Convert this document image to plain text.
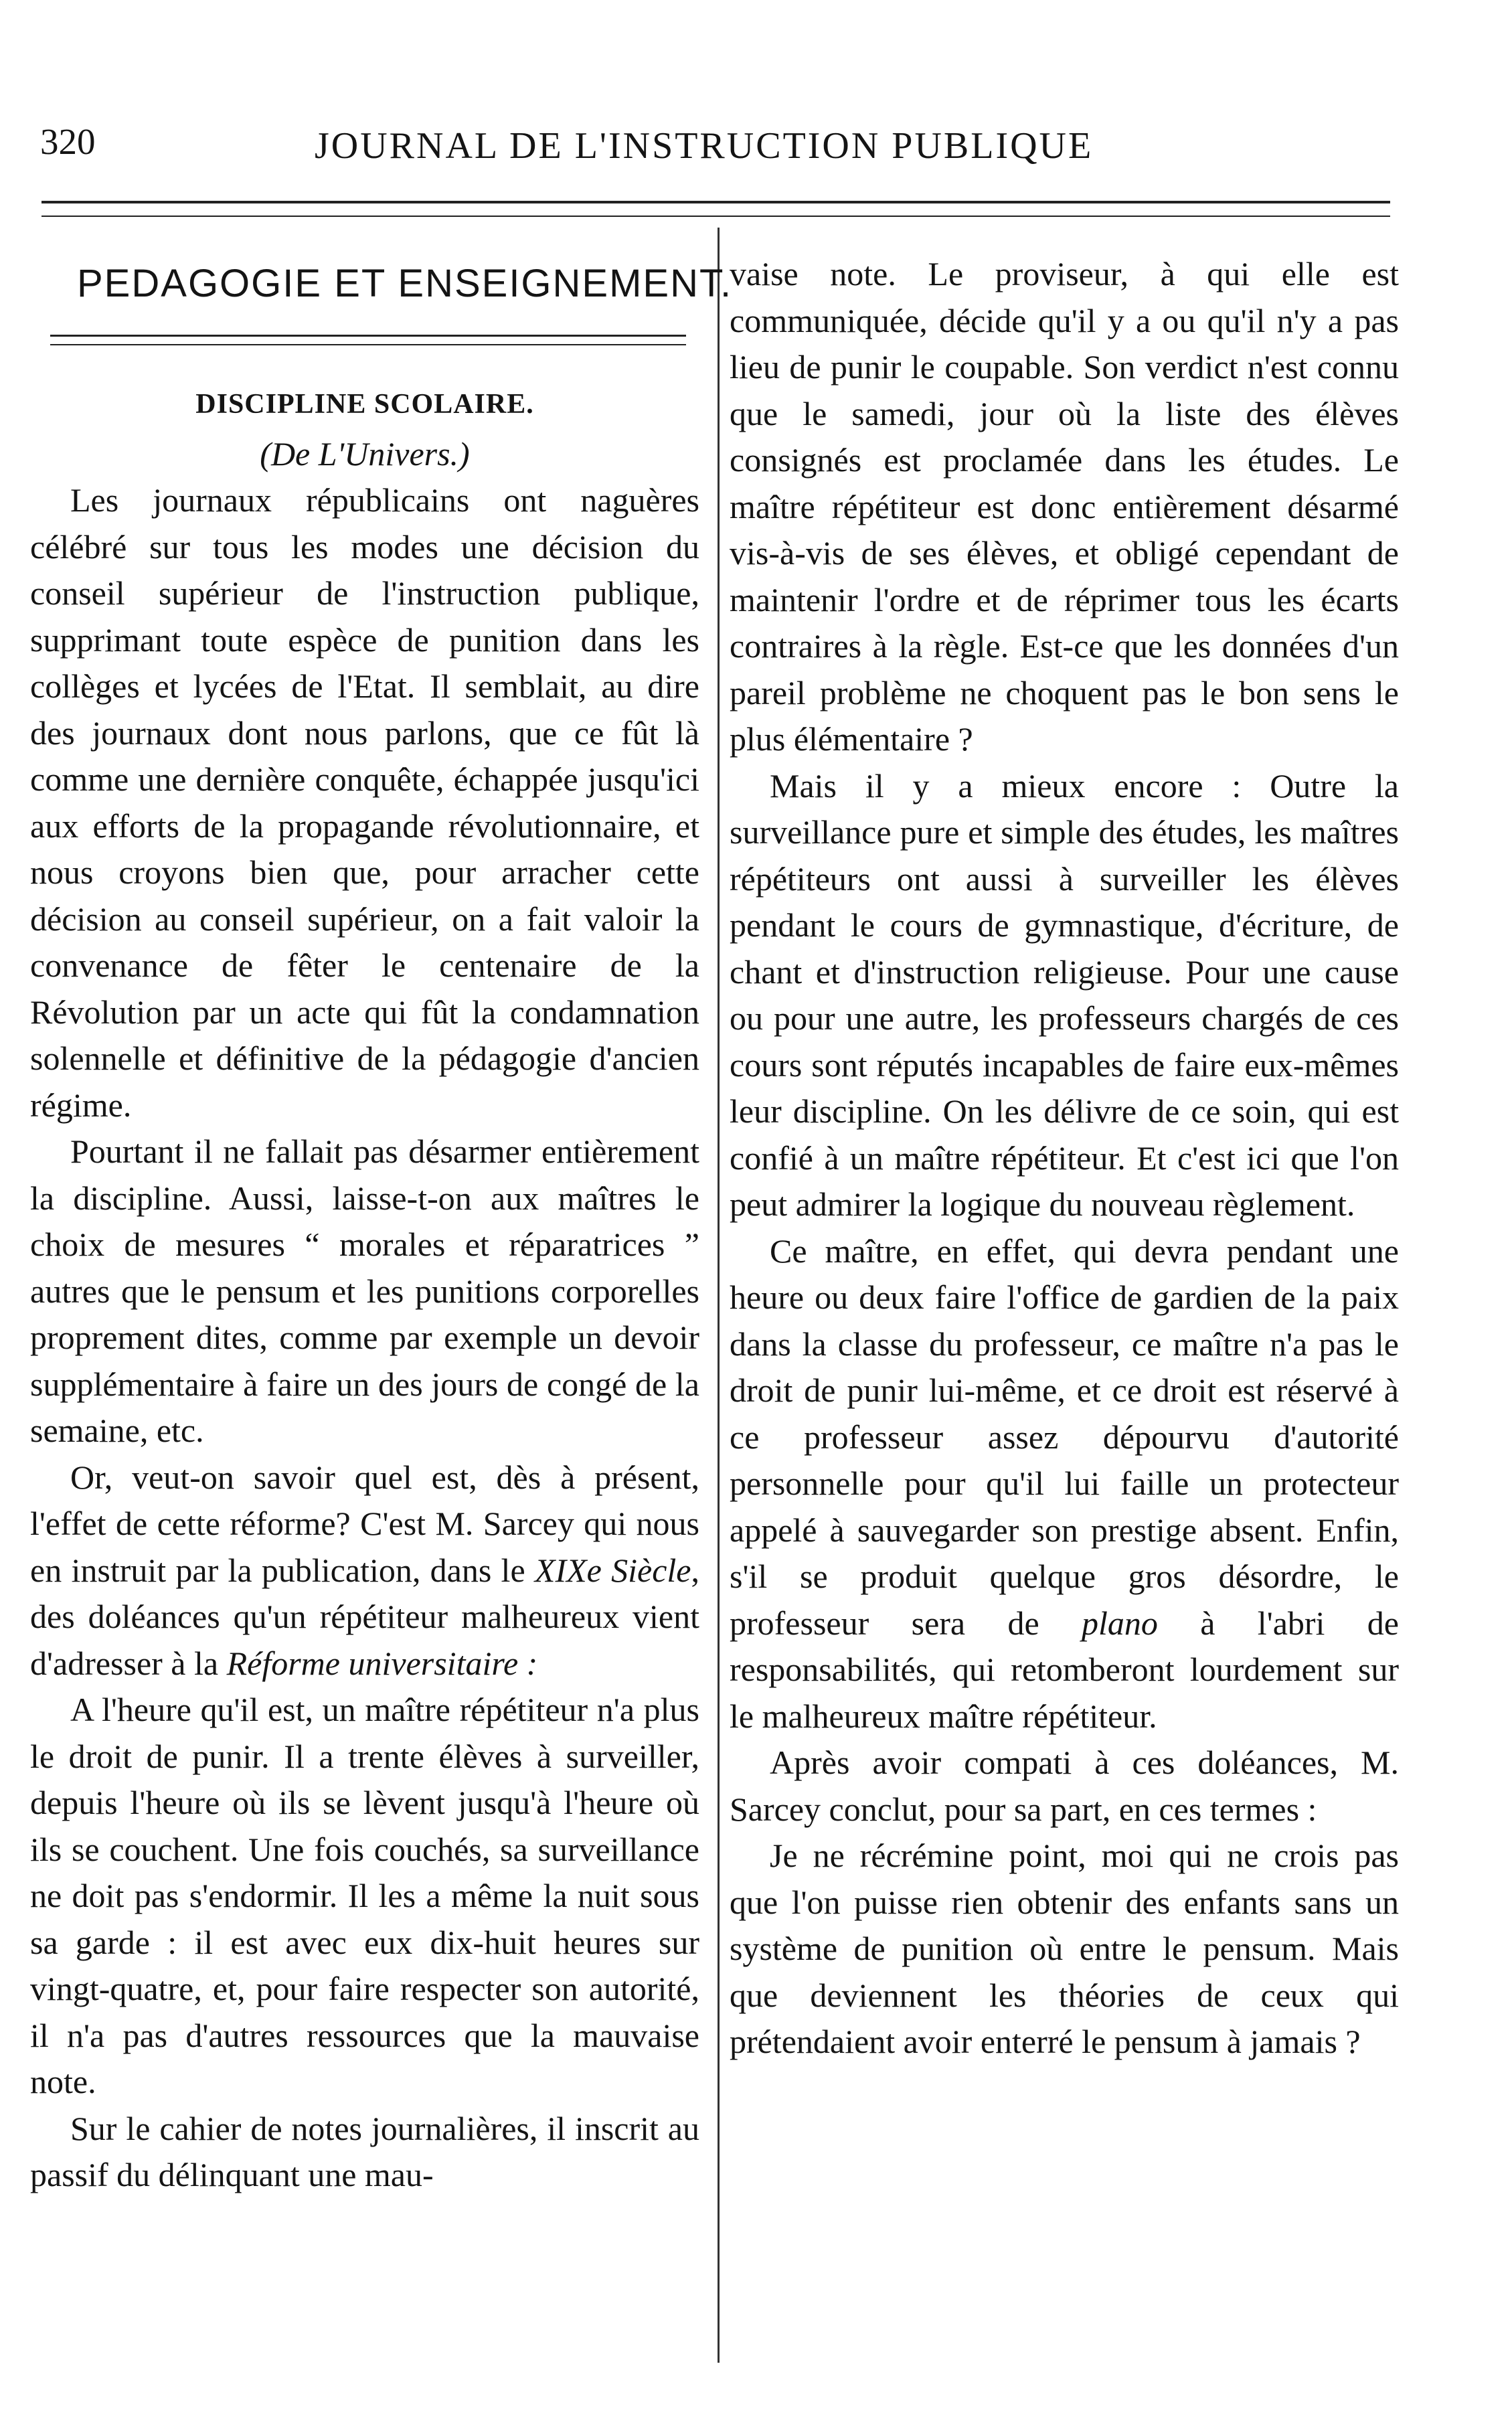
320	JOURNAL DE L'INSTRUCTION PUBLIQUE
PEDAGOGIE ET ENSEIGNEMENT.

DISCIPLINE SCOLAIRE.

(De L'Univers.)

Les journaux républicains ont naguères célébré sur tous les modes une décision du conseil supérieur de l'instruction publique, supprimant toute espèce de punition dans les collèges et lycées de l'Etat. Il semblait, au dire des journaux dont nous parlons, que ce fût là comme une dernière conquête, échappée jusqu'ici aux efforts de la propagande révolutionnaire, et nous croyons bien que, pour arracher cette décision au conseil supérieur, on a fait valoir la convenance de fêter le centenaire de la Révolution par un acte qui fût la condamnation solennelle et définitive de la pédagogie d'ancien régime.

Pourtant il ne fallait pas désarmer entièrement la discipline. Aussi, laisse-t-on aux maîtres le choix de mesures “ morales et réparatrices ” autres que le pensum et les punitions corporelles proprement dites, comme par exemple un devoir supplémentaire à faire un des jours de congé de la semaine, etc.

Or, veut-on savoir quel est, dès à présent, l'effet de cette réforme? C'est M. Sarcey qui nous en instruit par la publication, dans le XIXe Siècle, des doléances qu'un répétiteur malheureux vient d'adresser à la Réforme universitaire :

A l'heure qu'il est, un maître répétiteur n'a plus le droit de punir. Il a trente élèves à surveiller, depuis l'heure où ils se lèvent jusqu'à l'heure où ils se couchent. Une fois couchés, sa surveillance ne doit pas s'endormir. Il les a même la nuit sous sa garde : il est avec eux dix-huit heures sur vingt-quatre, et, pour faire respecter son autorité, il n'a pas d'autres ressources que la mauvaise note.

Sur le cahier de notes journalières, il inscrit au passif du délinquant une mau-

vaise note. Le proviseur, à qui elle est communiquée, décide qu'il y a ou qu'il n'y a pas lieu de punir le coupable. Son verdict n'est connu que le samedi, jour où la liste des élèves consignés est proclamée dans les études. Le maître répétiteur est donc entièrement désarmé vis-à-vis de ses élèves, et obligé cependant de maintenir l'ordre et de réprimer tous les écarts contraires à la règle. Est-ce que les données d'un pareil problème ne choquent pas le bon sens le plus élémentaire ?

Mais il y a mieux encore : Outre la surveillance pure et simple des études, les maîtres répétiteurs ont aussi à surveiller les élèves pendant le cours de gymnastique, d'écriture, de chant et d'instruction religieuse. Pour une cause ou pour une autre, les professeurs chargés de ces cours sont réputés incapables de faire eux-mêmes leur discipline. On les délivre de ce soin, qui est confié à un maître répétiteur. Et c'est ici que l'on peut admirer la logique du nouveau règlement.

Ce maître, en effet, qui devra pendant une heure ou deux faire l'office de gardien de la paix dans la classe du professeur, ce maître n'a pas le droit de punir lui-même, et ce droit est réservé à ce professeur assez dépourvu d'autorité personnelle pour qu'il lui faille un protecteur appelé à sauvegarder son prestige absent. Enfin, s'il se produit quelque gros désordre, le professeur sera de plano à l'abri de responsabilités, qui retomberont lourdement sur le malheureux maître répétiteur.

Après avoir compati à ces doléances, M. Sarcey conclut, pour sa part, en ces termes :

Je ne récrémine point, moi qui ne crois pas que l'on puisse rien obtenir des enfants sans un système de punition où entre le pensum. Mais que deviennent les théories de ceux qui prétendaient avoir enterré le pensum à jamais ?
